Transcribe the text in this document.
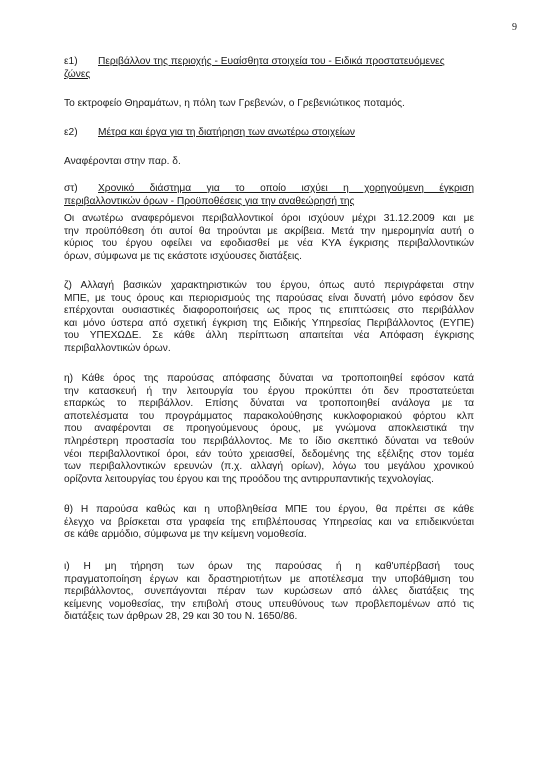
9
ε1) Περιβάλλον της περιοχής - Ευαίσθητα στοιχεία του - Ειδικά προστατευόμενες
ζώνες
Το εκτροφείο Θηραμάτων, η πόλη των Γρεβενών, ο Γρεβενιώτικος ποταμός.
ε2) Μέτρα και έργα για τη διατήρηση των ανωτέρω στοιχείων
Αναφέρονται στην παρ. δ.
στ) Χρονικό διάστημα για το οποίο ισχύει η χορηγούμενη έγκριση
περιβαλλοντικών όρων - Προϋποθέσεις για την αναθεώρησή της
Οι ανωτέρω αναφερόμενοι περιβαλλοντικοί όροι ισχύουν μέχρι 31.12.2009 και με
την προϋπόθεση ότι αυτοί θα τηρούνται με ακρίβεια. Μετά την ημερομηνία αυτή ο
κύριος του έργου οφείλει να εφοδιασθεί με νέα ΚΥΑ έγκρισης περιβαλλοντικών
όρων, σύμφωνα με τις εκάστοτε ισχύουσες διατάξεις.
ζ) Αλλαγή βασικών χαρακτηριστικών του έργου, όπως αυτό περιγράφεται στην
ΜΠΕ, με τους όρους και περιορισμούς της παρούσας είναι δυνατή μόνο εφόσον δεν
επέρχονται ουσιαστικές διαφοροποιήσεις ως προς τις επιπτώσεις στο περιβάλλον
και μόνο ύστερα από σχετική έγκριση της Ειδικής Υπηρεσίας Περιβάλλοντος (ΕΥΠΕ)
του ΥΠΕΧΩΔΕ. Σε κάθε άλλη περίπτωση απαιτείται νέα Απόφαση έγκρισης
περιβαλλοντικών όρων.
η) Κάθε όρος της παρούσας απόφασης δύναται να τροποποιηθεί εφόσον κατά
την κατασκευή ή την λειτουργία του έργου προκύπτει ότι δεν προστατεύεται
επαρκώς το περιβάλλον. Επίσης δύναται να τροποποιηθεί ανάλογα με τα
αποτελέσματα του προγράμματος παρακολούθησης κυκλοφοριακού φόρτου κλπ
που αναφέρονται σε προηγούμενους όρους, με γνώμονα αποκλειστικά την
πληρέστερη προστασία του περιβάλλοντος. Με το ίδιο σκεπτικό δύναται να τεθούν
νέοι περιβαλλοντικοί όροι, εάν τούτο χρειασθεί, δεδομένης της εξέλιξης στον τομέα
των περιβαλλοντικών ερευνών (π.χ. αλλαγή ορίων), λόγω του μεγάλου χρονικού
ορίζοντα λειτουργίας του έργου και της προόδου της αντιρρυπαντικής τεχνολογίας.
θ) Η παρούσα καθώς και η υποβληθείσα ΜΠΕ του έργου, θα πρέπει σε κάθε
έλεγχο να βρίσκεται στα γραφεία της επιβλέπουσας Υπηρεσίας και να επιδεικνύεται
σε κάθε αρμόδιο, σύμφωνα με την κείμενη νομοθεσία.
ι) Η μη τήρηση των όρων της παρούσας ή η καθ'υπέρβασή τους
πραγματοποίηση έργων και δραστηριοτήτων με αποτέλεσμα την υποβάθμιση του
περιβάλλοντος, συνεπάγονται πέραν των κυρώσεων από άλλες διατάξεις της
κείμενης νομοθεσίας, την επιβολή στους υπευθύνους των προβλεπομένων από τις
διατάξεις των άρθρων 28, 29 και 30 του Ν. 1650/86.
